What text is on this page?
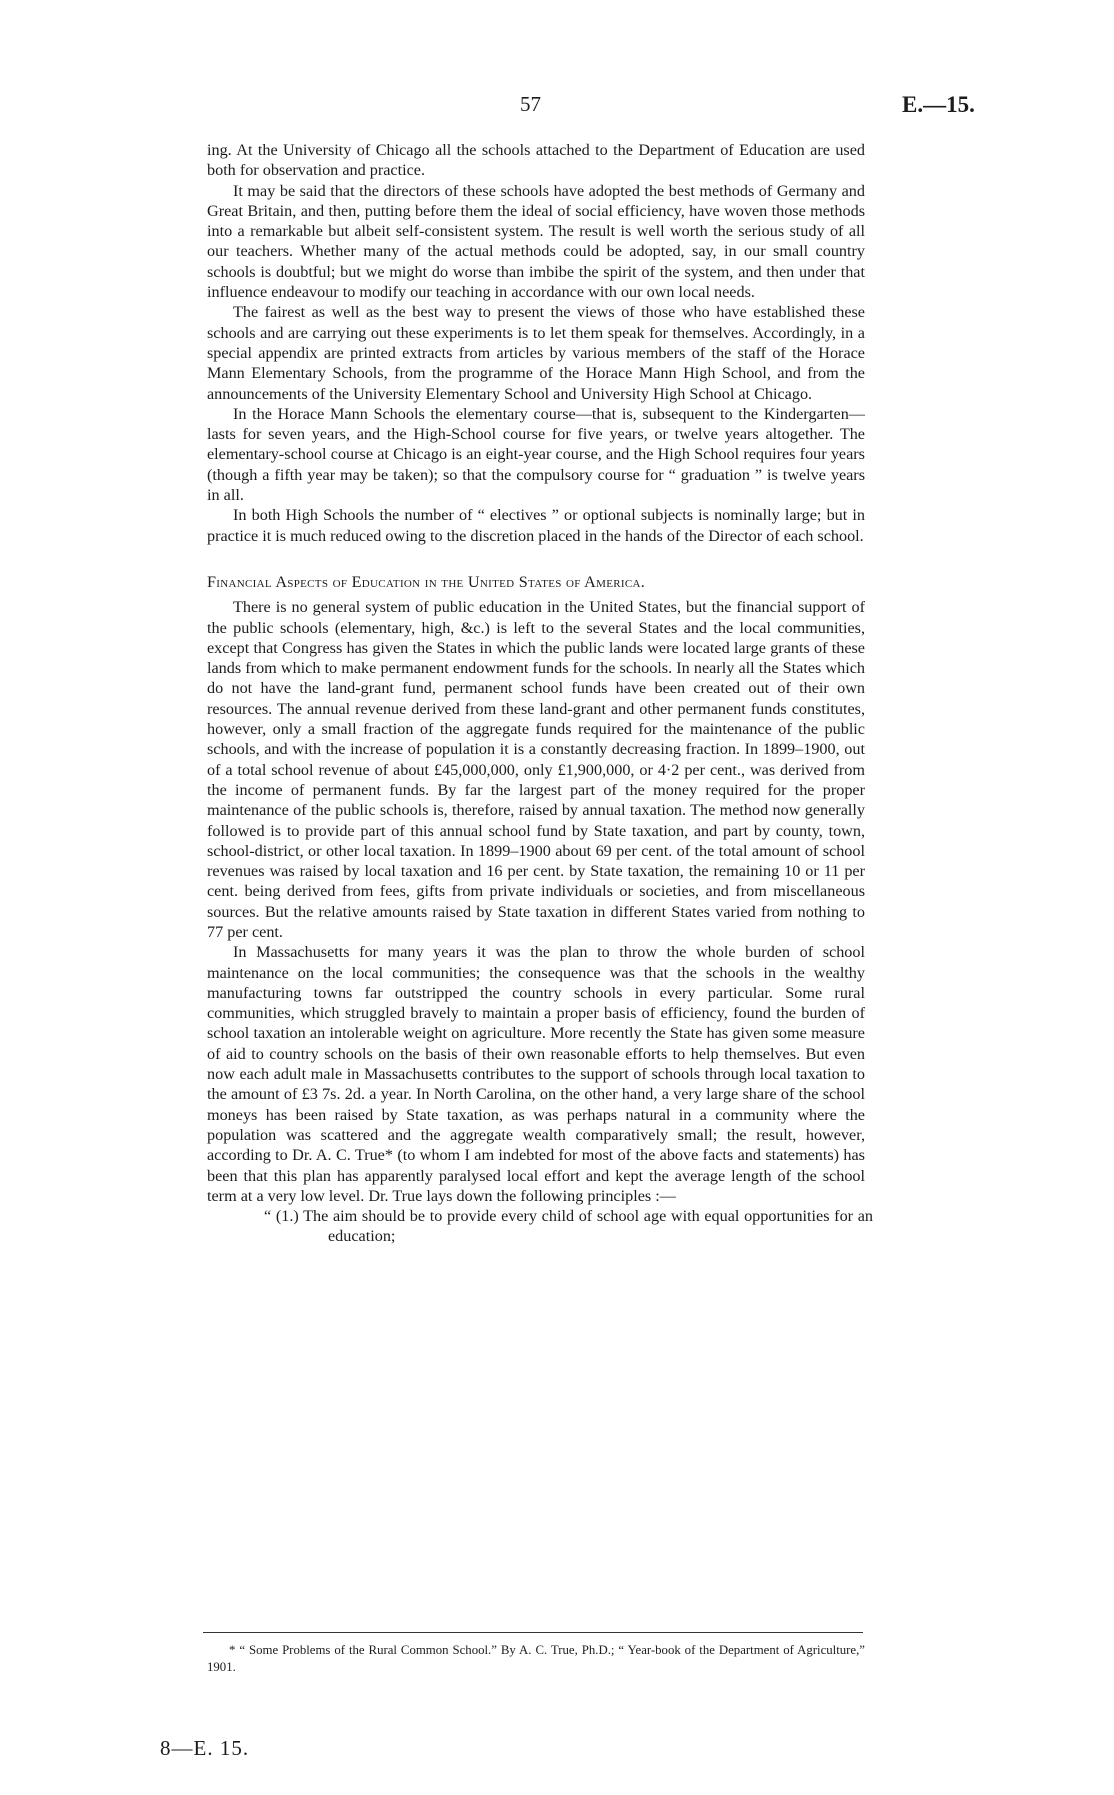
57	E.—15.

ing. At the University of Chicago all the schools attached to the Department of Education are used both for observation and practice.

It may be said that the directors of these schools have adopted the best methods of Germany and Great Britain, and then, putting before them the ideal of social efficiency, have woven those methods into a remarkable but albeit self-consistent system. The result is well worth the serious study of all our teachers. Whether many of the actual methods could be adopted, say, in our small country schools is doubtful; but we might do worse than imbibe the spirit of the system, and then under that influence endeavour to modify our teaching in accordance with our own local needs.

The fairest as well as the best way to present the views of those who have established these schools and are carrying out these experiments is to let them speak for themselves. Accordingly, in a special appendix are printed extracts from articles by various members of the staff of the Horace Mann Elementary Schools, from the programme of the Horace Mann High School, and from the announcements of the University Elementary School and University High School at Chicago.

In the Horace Mann Schools the elementary course—that is, subsequent to the Kindergarten—lasts for seven years, and the High-School course for five years, or twelve years altogether. The elementary-school course at Chicago is an eight-year course, and the High School requires four years (though a fifth year may be taken); so that the compulsory course for “ graduation ” is twelve years in all.

In both High Schools the number of “ electives ” or optional subjects is nominally large; but in practice it is much reduced owing to the discretion placed in the hands of the Director of each school.

Financial Aspects of Education in the United States of America.

There is no general system of public education in the United States, but the financial support of the public schools (elementary, high, &c.) is left to the several States and the local communities, except that Congress has given the States in which the public lands were located large grants of these lands from which to make permanent endowment funds for the schools. In nearly all the States which do not have the land-grant fund, permanent school funds have been created out of their own resources. The annual revenue derived from these land-grant and other permanent funds constitutes, however, only a small fraction of the aggregate funds required for the maintenance of the public schools, and with the increase of population it is a constantly decreasing fraction. In 1899–1900, out of a total school revenue of about £45,000,000, only £1,900,000, or 4·2 per cent., was derived from the income of permanent funds. By far the largest part of the money required for the proper maintenance of the public schools is, therefore, raised by annual taxation. The method now generally followed is to provide part of this annual school fund by State taxation, and part by county, town, school-district, or other local taxation. In 1899–1900 about 69 per cent. of the total amount of school revenues was raised by local taxation and 16 per cent. by State taxation, the remaining 10 or 11 per cent. being derived from fees, gifts from private individuals or societies, and from miscellaneous sources. But the relative amounts raised by State taxation in different States varied from nothing to 77 per cent.

In Massachusetts for many years it was the plan to throw the whole burden of school maintenance on the local communities; the consequence was that the schools in the wealthy manufacturing towns far outstripped the country schools in every particular. Some rural communities, which struggled bravely to maintain a proper basis of efficiency, found the burden of school taxation an intolerable weight on agriculture. More recently the State has given some measure of aid to country schools on the basis of their own reasonable efforts to help themselves. But even now each adult male in Massachusetts contributes to the support of schools through local taxation to the amount of £3 7s. 2d. a year. In North Carolina, on the other hand, a very large share of the school moneys has been raised by State taxation, as was perhaps natural in a community where the population was scattered and the aggregate wealth comparatively small; the result, however, according to Dr. A. C. True* (to whom I am indebted for most of the above facts and statements) has been that this plan has apparently paralysed local effort and kept the average length of the school term at a very low level. Dr. True lays down the following principles :—

“ (1.) The aim should be to provide every child of school age with equal opportunities for an education;

* “ Some Problems of the Rural Common School.” By A. C. True, Ph.D.; “ Year-book of the Department of Agriculture,” 1901.

8—E. 15.
